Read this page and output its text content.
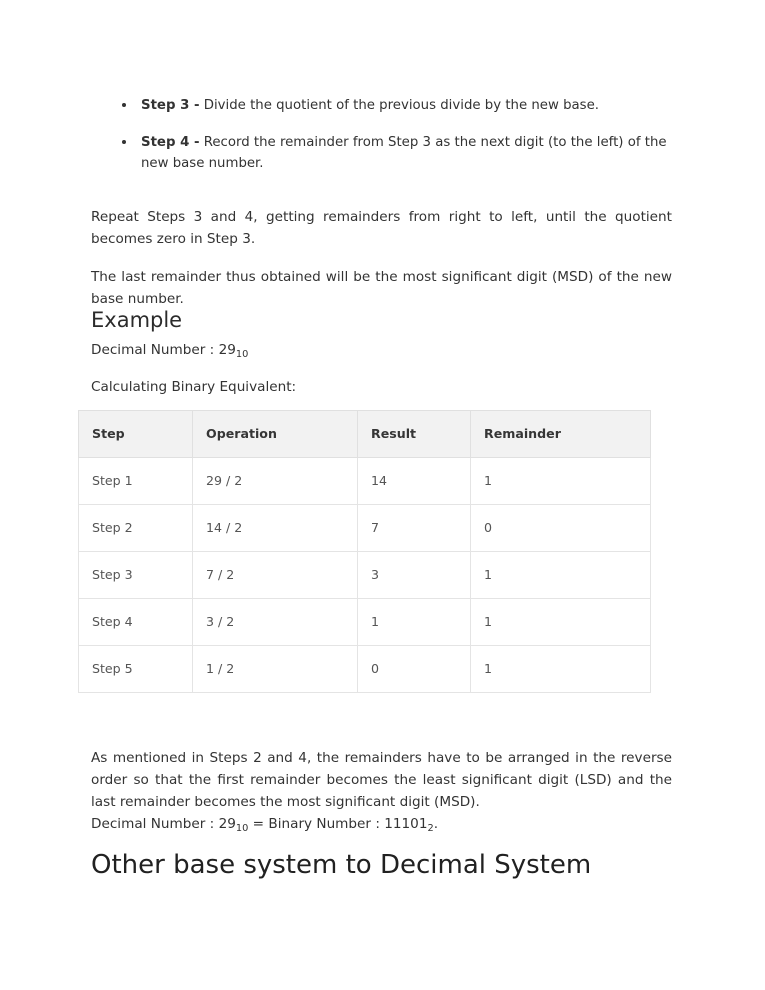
Step 3 - Divide the quotient of the previous divide by the new base.
Step 4 - Record the remainder from Step 3 as the next digit (to the left) of the new base number.

Repeat Steps 3 and 4, getting remainders from right to left, until the quotient becomes zero in Step 3.

The last remainder thus obtained will be the most significant digit (MSD) of the new base number.

Example
Decimal Number : $29_{10}$
Calculating Binary Equivalent:
Step	Operation	Result	Remainder
Step 1	29 / 2	14	1
Step 2	14 / 2	7	0
Step 3	7 / 2	3	1
Step 4	3 / 2	1	1
Step 5	1 / 2	0	1

As mentioned in Steps 2 and 4, the remainders have to be arranged in the reverse order so that the first remainder becomes the least significant digit (LSD) and the last remainder becomes the most significant digit (MSD).

Decimal Number : $29_{10}$ = Binary Number : $11101_2$.
Other base system to Decimal System
